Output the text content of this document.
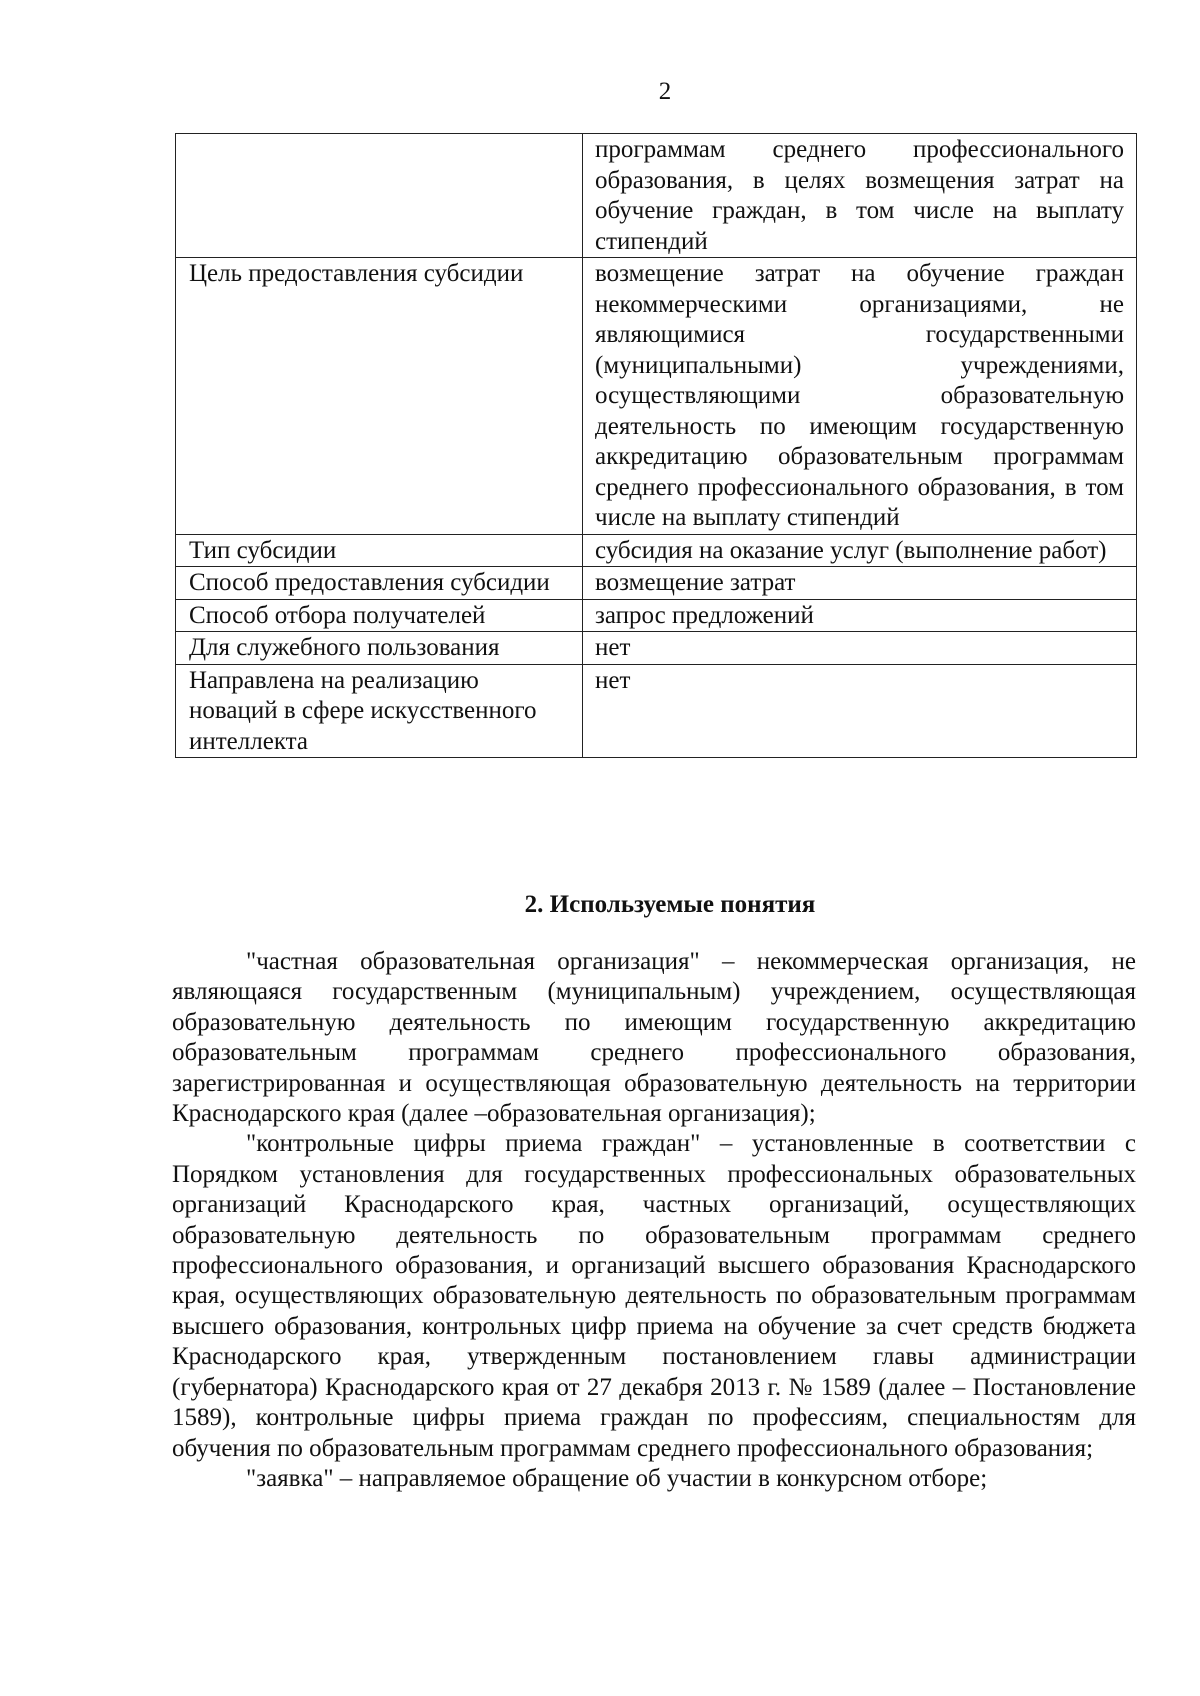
2
	программам среднего профессионального образования, в целях возмещения затрат на обучение граждан, в том числе на выплату стипендий
Цель предоставления субсидии	возмещение затрат на обучение граждан некоммерческими организациями, не являющимися государственными (муниципальными) учреждениями, осуществляющими образовательную деятельность по имеющим государственную аккредитацию образовательным программам среднего профессионального образования, в том числе на выплату стипендий
Тип субсидии	субсидия на оказание услуг (выполнение работ)
Способ предоставления субсидии	возмещение затрат
Способ отбора получателей	запрос предложений
Для служебного пользования	нет
Направлена на реализацию новаций в сфере искусственного интеллекта	нет
2. Используемые понятия

"частная образовательная организация" – некоммерческая организация, не являющаяся государственным (муниципальным) учреждением, осуществляющая образовательную деятельность по имеющим государственную аккредитацию образовательным программам среднего профессионального образования, зарегистрированная и осуществляющая образовательную деятельность на территории Краснодарского края (далее –образовательная организация);

"контрольные цифры приема граждан" – установленные в соответствии с Порядком установления для государственных профессиональных образовательных организаций Краснодарского края, частных организаций, осуществляющих образовательную деятельность по образовательным программам среднего профессионального образования, и организаций высшего образования Краснодарского края, осуществляющих образовательную деятельность по образовательным программам высшего образования, контрольных цифр приема на обучение за счет средств бюджета Краснодарского края, утвержденным постановлением главы администрации (губернатора) Краснодарского края от 27 декабря 2013 г. № 1589 (далее – Постановление 1589), контрольные цифры приема граждан по профессиям, специальностям для обучения по образовательным программам среднего профессионального образования;

"заявка" – направляемое обращение об участии в конкурсном отборе;
